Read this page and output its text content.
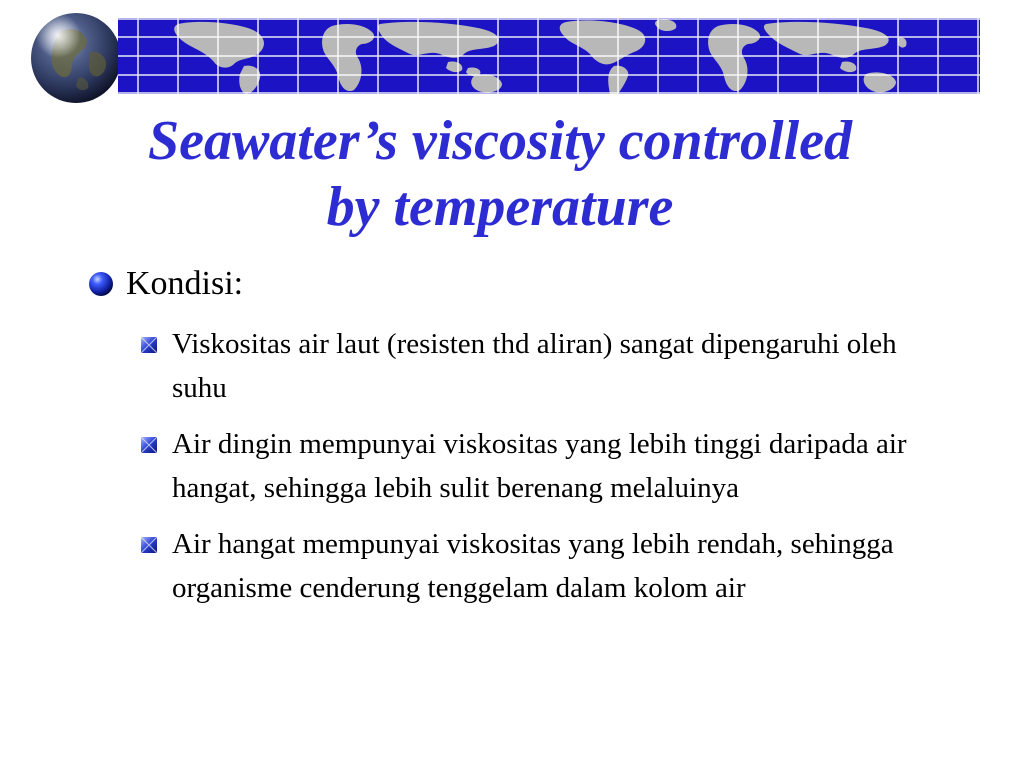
Seawater’s viscosity controlled
by temperature
Kondisi:
Viskositas air laut (resisten thd aliran) sangat dipengaruhi oleh suhu
Air dingin mempunyai viskositas yang lebih tinggi daripada air hangat, sehingga lebih sulit berenang melaluinya
Air hangat mempunyai viskositas yang lebih rendah, sehingga organisme cenderung tenggelam dalam kolom air
